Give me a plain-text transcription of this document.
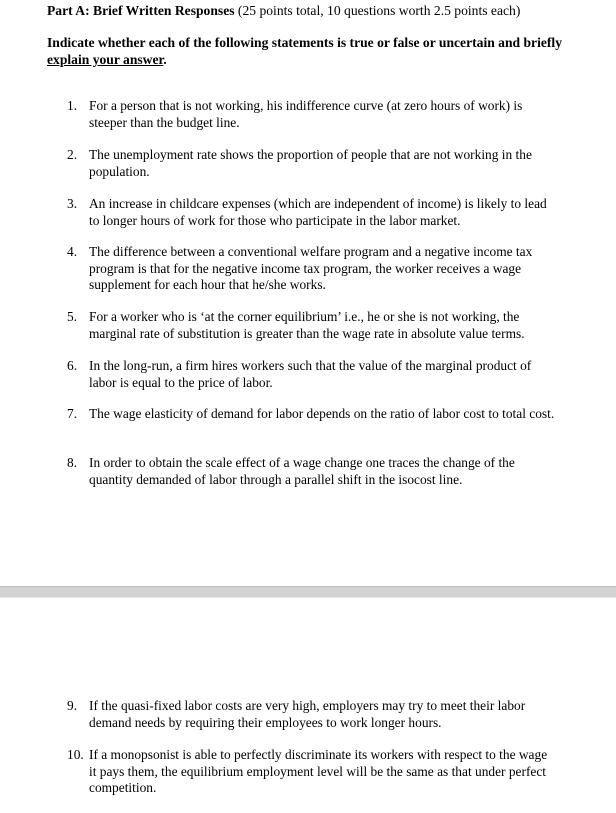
Part A: Brief Written Responses (25 points total, 10 questions worth 2.5 points each)
Indicate whether each of the following statements is true or false or uncertain and briefly explain your answer.
1. For a person that is not working, his indifference curve (at zero hours of work) is steeper than the budget line.
2. The unemployment rate shows the proportion of people that are not working in the population.
3. An increase in childcare expenses (which are independent of income) is likely to lead to longer hours of work for those who participate in the labor market.
4. The difference between a conventional welfare program and a negative income tax program is that for the negative income tax program, the worker receives a wage supplement for each hour that he/she works.
5. For a worker who is ‘at the corner equilibrium’ i.e., he or she is not working, the marginal rate of substitution is greater than the wage rate in absolute value terms.
6. In the long-run, a firm hires workers such that the value of the marginal product of labor is equal to the price of labor.
7. The wage elasticity of demand for labor depends on the ratio of labor cost to total cost.
8. In order to obtain the scale effect of a wage change one traces the change of the quantity demanded of labor through a parallel shift in the isocost line.
9. If the quasi-fixed labor costs are very high, employers may try to meet their labor demand needs by requiring their employees to work longer hours.
10. If a monopsonist is able to perfectly discriminate its workers with respect to the wage it pays them, the equilibrium employment level will be the same as that under perfect competition.
